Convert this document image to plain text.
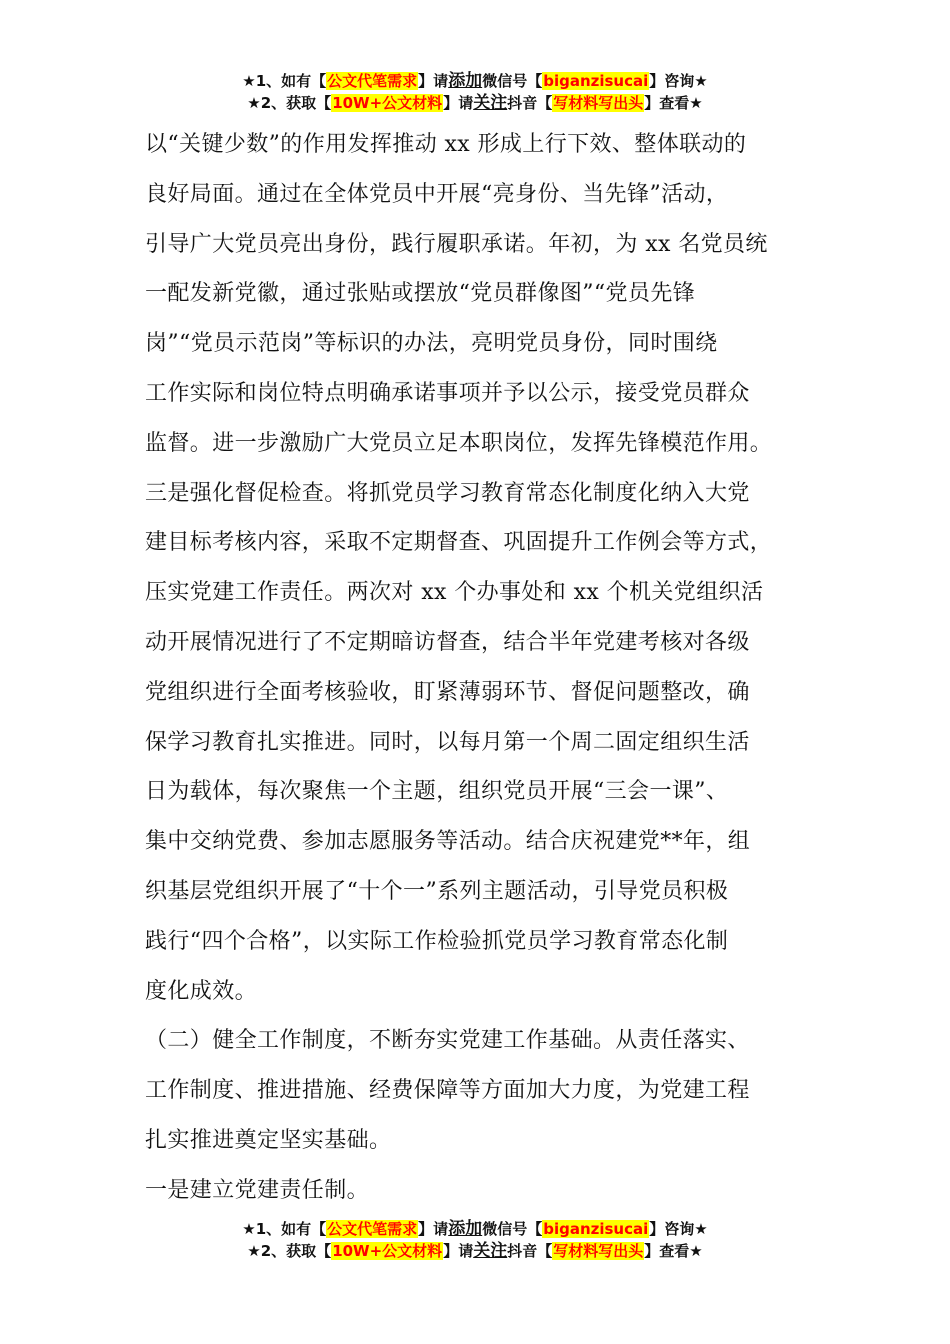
★1、如有【公文代笔需求】请添加微信号【biganzisucai】咨询★
★2、获取【10W+公文材料】请关注抖音【写材料写出头】查看★
以“关键少数”的作用发挥推动 xx 形成上行下效、整体联动的
良好局面。通过在全体党员中开展“亮身份、当先锋”活动，
引导广大党员亮出身份，践行履职承诺。年初，为 xx 名党员统
一配发新党徽，通过张贴或摆放“党员群像图”“党员先锋
岗”“党员示范岗”等标识的办法，亮明党员身份，同时围绕
工作实际和岗位特点明确承诺事项并予以公示，接受党员群众
监督。进一步激励广大党员立足本职岗位，发挥先锋模范作用。
三是强化督促检查。将抓党员学习教育常态化制度化纳入大党
建目标考核内容，采取不定期督查、巩固提升工作例会等方式，
压实党建工作责任。两次对 xx 个办事处和 xx 个机关党组织活
动开展情况进行了不定期暗访督查，结合半年党建考核对各级
党组织进行全面考核验收，盯紧薄弱环节、督促问题整改，确
保学习教育扎实推进。同时，以每月第一个周二固定组织生活
日为载体，每次聚焦一个主题，组织党员开展“三会一课”、
集中交纳党费、参加志愿服务等活动。结合庆祝建党**年，组
织基层党组织开展了“十个一”系列主题活动，引导党员积极
践行“四个合格”，以实际工作检验抓党员学习教育常态化制
度化成效。
（二）健全工作制度，不断夯实党建工作基础。从责任落实、
工作制度、推进措施、经费保障等方面加大力度，为党建工程
扎实推进奠定坚实基础。
一是建立党建责任制。
★1、如有【公文代笔需求】请添加微信号【biganzisucai】咨询★
★2、获取【10W+公文材料】请关注抖音【写材料写出头】查看★
